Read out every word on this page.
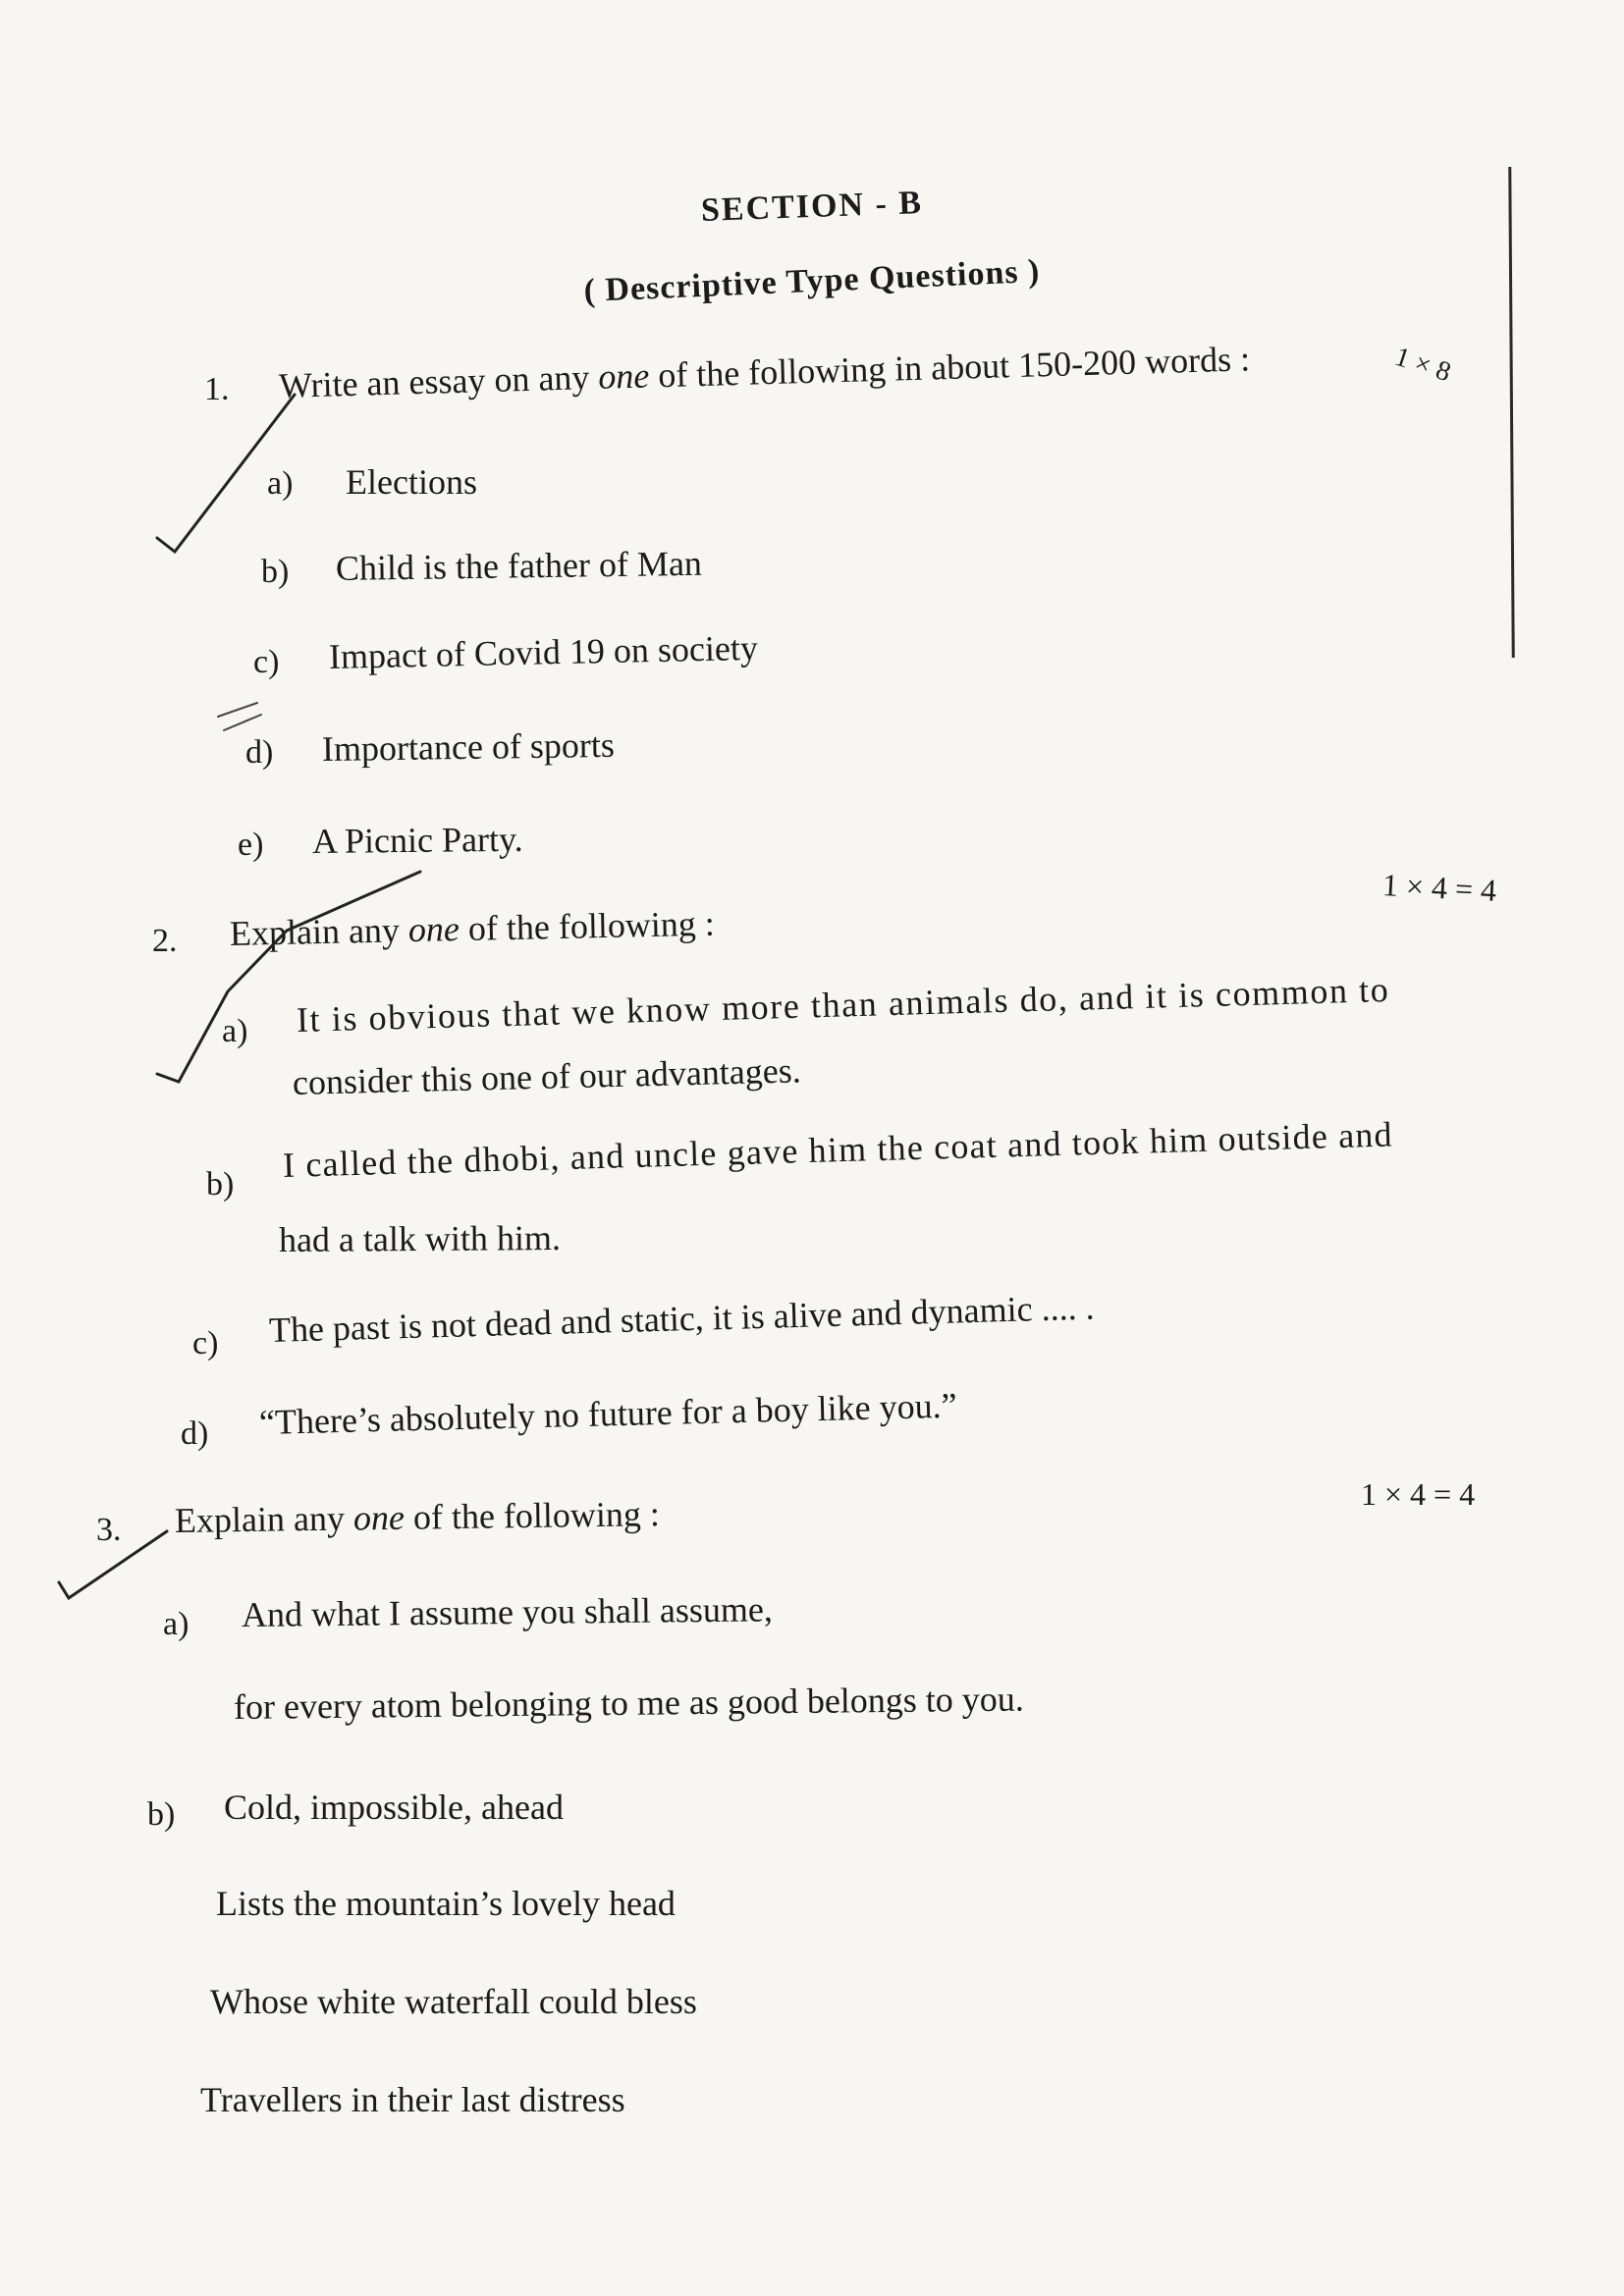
SECTION - B
( Descriptive Type Questions )
1. Write an essay on any one of the following in about 150-200 words :	1 × 8
a) Elections
b) Child is the father of Man
c) Impact of Covid 19 on society
d) Importance of sports
e) A Picnic Party.
1 × 4 = 4
2. Explain any one of the following :
a) It is obvious that we know more than animals do, and it is common to
consider this one of our advantages.
b) I called the dhobi, and uncle gave him the coat and took him outside and
had a talk with him.
c) The past is not dead and static, it is alive and dynamic .... .
d) “There’s absolutely no future for a boy like you.”
1 × 4 = 4
3. Explain any one of the following :
a) And what I assume you shall assume,
for every atom belonging to me as good belongs to you.
b) Cold, impossible, ahead
Lists the mountain’s lovely head
Whose white waterfall could bless
Travellers in their last distress
